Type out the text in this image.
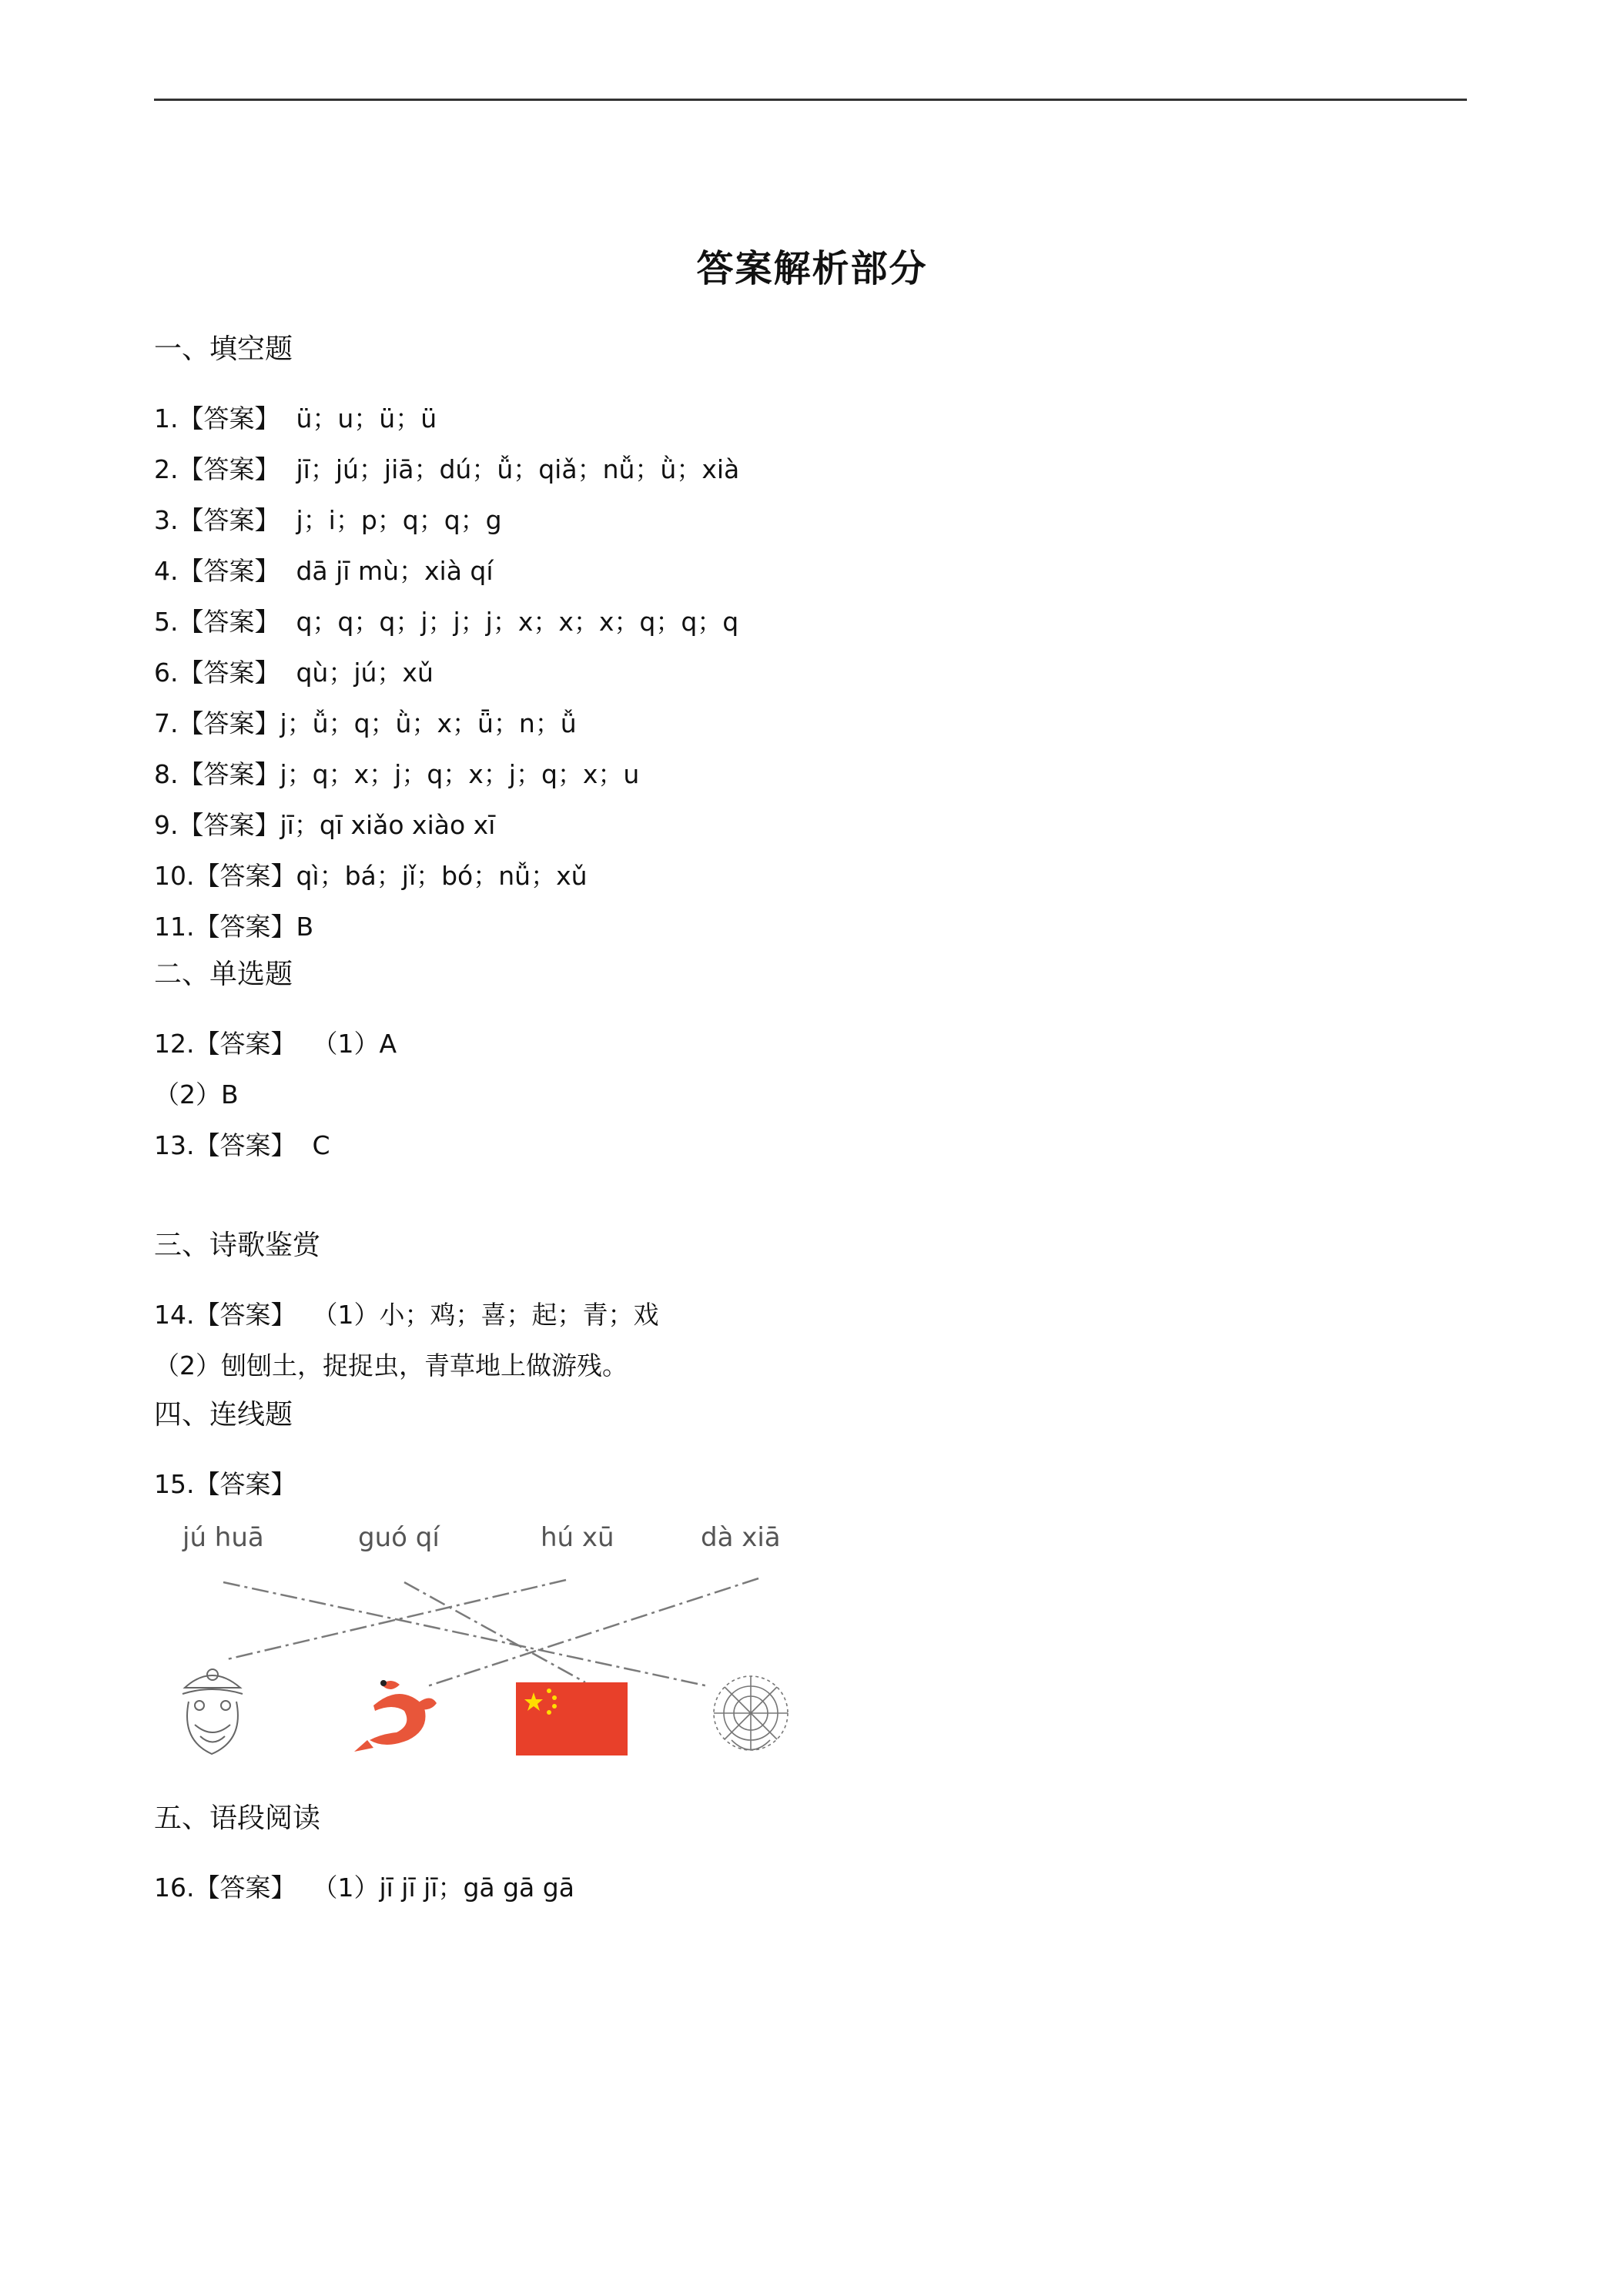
答案解析部分
一、填空题
1.【答案】  ü；u；ü；ü
2.【答案】  jī；jú；jiā；dú；ǚ；qiǎ；nǚ；ǜ；xià
3.【答案】  j；i；p；q；q；g
4.【答案】  dā jī mù；xià qí
5.【答案】  q；q；q；j；j；j；x；x；x；q；q；q
6.【答案】  qù；jú；xǔ
7.【答案】j；ǚ；q；ǜ；x；ǖ；n；ǚ
8.【答案】j；q；x；j；q；x；j；q；x；u
9.【答案】jī；qī xiǎo xiào xī
10.【答案】qì；bá；jǐ；bó；nǚ；xǔ
11.【答案】B
二、单选题
12.【答案】  （1）A
（2）B
13.【答案】  C
三、诗歌鉴赏
14.【答案】  （1）小；鸡；喜；起；青；戏
（2）刨刨土，捉捉虫，青草地上做游残。
四、连线题
15.【答案】
jú huā	guó qí	hú xū	dà xiā
五、语段阅读
16.【答案】  （1）jī jī jī；gā gā gā
